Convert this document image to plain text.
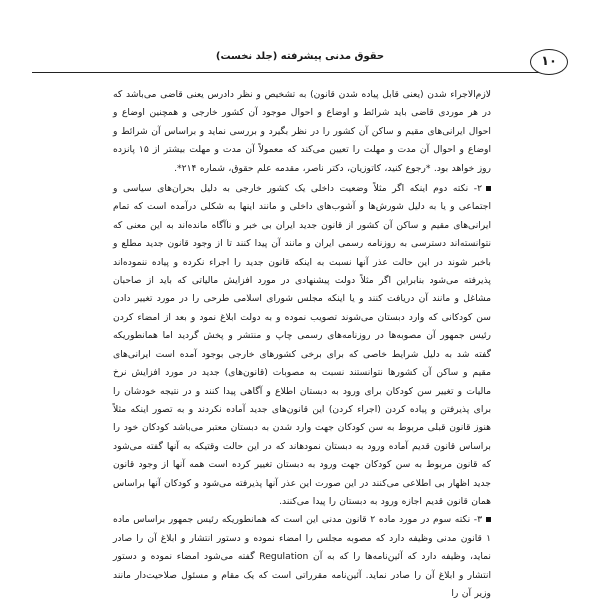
حقوق مدنی پیشرفته (جلد نخست)	۱۰

لازم‌الاجراء شدن (یعنی قابل پیاده شدن قانون) به تشخیص و نظر دادرس یعنی قاضی می‌باشد که در هر موردی قاضی باید شرائط و اوضاع و احوال موجود آن کشور خارجی و همچنین اوضاع و احوال ایرانی‌های مقیم و ساکن آن کشور را در نظر بگیرد و بررسی نماید و براساس آن شرائط و اوضاع و احوال آن مدت و مهلت را تعیین می‌کند که معمولاً آن مدت و مهلت بیشتر از ۱۵ پانزده روز خواهد بود. *رجوع کنید، کاتوزیان، دکتر ناصر، مقدمه علم حقوق، شماره ۲۱۴*.

۲- نکته دوم اینکه اگر مثلاً وضعیت داخلی یک کشور خارجی به دلیل بحران‌های سیاسی و اجتماعی و یا به دلیل شورش‌ها و آشوب‌های داخلی و مانند اینها به شکلی درآمده است که تمام ایرانی‌های مقیم و ساکن آن کشور از قانون جدید ایران بی خبر و ناآگاه مانده‌اند به این معنی که نتوانسته‌اند دسترسی به روزنامه رسمی ایران و مانند آن پیدا کنند تا از وجود قانون جدید مطلع و باخبر شوند در این حالت عذر آنها نسبت به اینکه قانون جدید را اجراء نکرده و پیاده ننموده‌اند پذیرفته می‌شود بنابراین اگر مثلاً دولت پیشنهادی در مورد افزایش مالیاتی که باید از صاحبان مشاغل و مانند آن دریافت کنند و یا اینکه مجلس شورای اسلامی طرحی را در مورد تغییر دادن سن کودکانی که وارد دبستان می‌شوند تصویب نموده و به دولت ابلاغ نمود و بعد از امضاء کردن رئیس جمهور آن مصوبه‌ها در روزنامه‌های رسمی چاپ و منتشر و پخش گردید اما همانطوریکه گفته شد به دلیل شرایط خاصی که برای برخی کشورهای خارجی بوجود آمده است ایرانی‌های مقیم و ساکن آن کشورها نتوانستند نسبت به مصوبات (قانون‌های) جدید در مورد افزایش نرخ مالیات و تغییر سن کودکان برای ورود به دبستان اطلاع و آگاهی پیدا کنند و در نتیجه خودشان را برای پذیرفتن و پیاده کردن (اجراء کردن) این قانون‌های جدید آماده نکردند و به تصور اینکه مثلاً هنوز قانون قبلی مربوط به سن کودکان جهت وارد شدن به دبستان معتبر می‌باشد کودکان خود را براساس قانون قدیم آماده ورود به دبستان نمودهاند که در این حالت وقتیکه به آنها گفته می‌شود که قانون مربوط به سن کودکان جهت ورود به دبستان تغییر کرده است همه آنها از وجود قانون جدید اظهار بی اطلاعی می‌کنند در این صورت این عذر آنها پذیرفته می‌شود و کودکان آنها براساس همان قانون قدیم اجازه ورود به دبستان را پیدا می‌کنند.

۳- نکته سوم در مورد ماده ۲ قانون مدنی این است که همانطوریکه رئیس جمهور براساس ماده ۱ قانون مدنی وظیفه دارد که مصوبه مجلس را امضاء نموده و دستور انتشار و ابلاغ آن را صادر نماید، وظیفه دارد که آئین‌نامه‌ها را که به آن Regulation گفته می‌شود امضاء نموده و دستور انتشار و ابلاغ آن را صادر نماید. آئین‌نامه مقرراتی است که یک مقام و مسئول صلاحیت‌دار مانند وزیر آن را
